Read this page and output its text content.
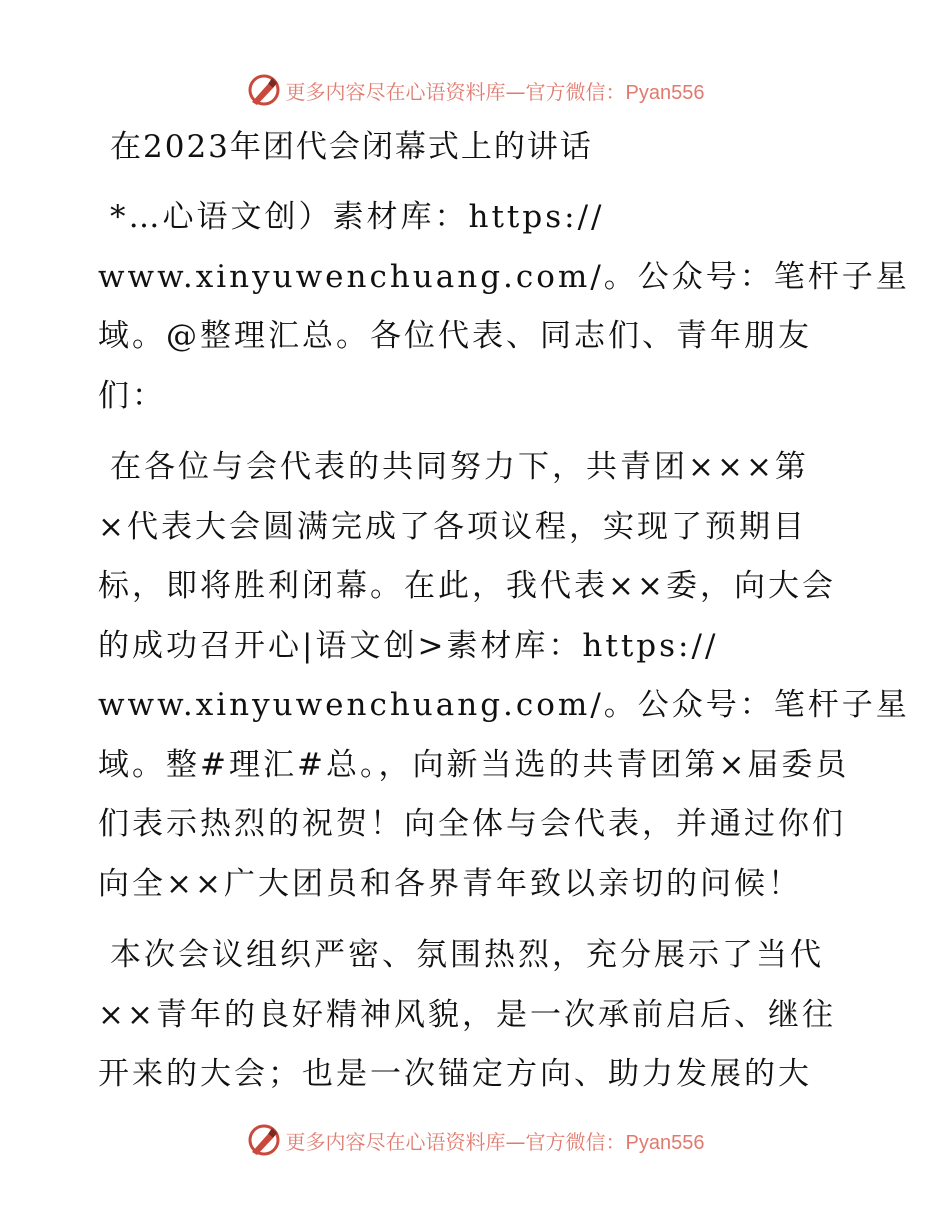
更多内容尽在心语资料库—官方微信：Pyan556
在2023年团代会闭幕式上的讲话
*…心语文创）素材库：https://
www.xinyuwenchuang.com/。公众号：笔杆子星
域。@整理汇总。各位代表、同志们、青年朋友
们：
在各位与会代表的共同努力下，共青团×××第
×代表大会圆满完成了各项议程，实现了预期目
标，即将胜利闭幕。在此，我代表××委，向大会
的成功召开心|语文创>素材库：https://
www.xinyuwenchuang.com/。公众号：笔杆子星
域。整#理汇#总。，向新当选的共青团第×届委员
们表示热烈的祝贺！向全体与会代表，并通过你们
向全××广大团员和各界青年致以亲切的问候！
本次会议组织严密、氛围热烈，充分展示了当代
××青年的良好精神风貌，是一次承前启后、继往
开来的大会；也是一次锚定方向、助力发展的大
更多内容尽在心语资料库—官方微信：Pyan556
